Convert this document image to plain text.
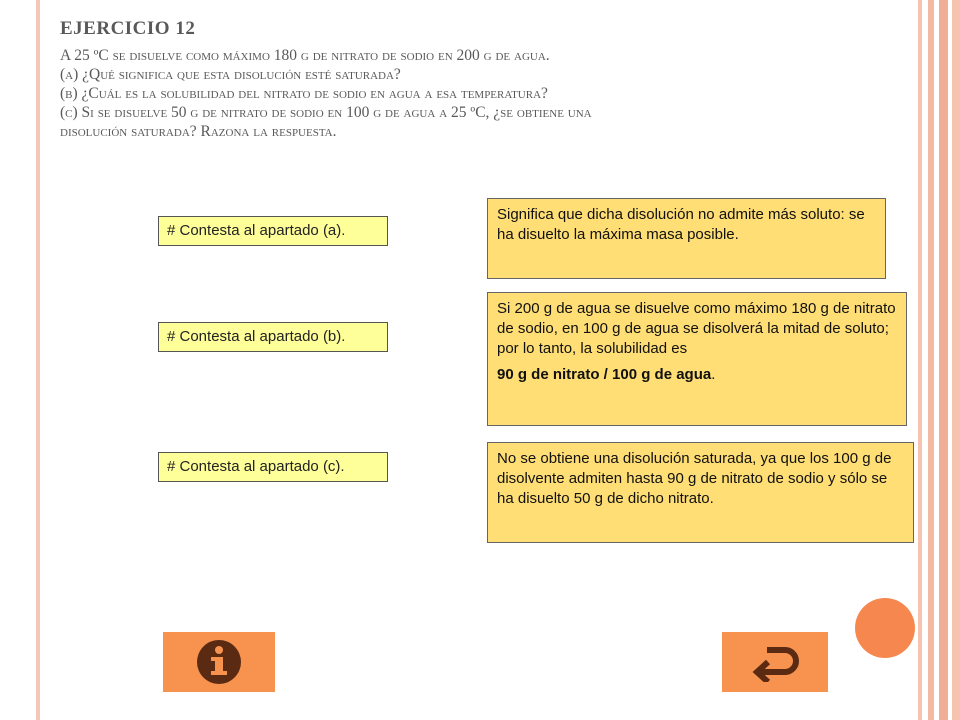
EJERCICIO 12

A 25 ºC se disuelve como máximo 180 g de nitrato de sodio en 200 g de agua.

(a) ¿Qué significa que esta disolución esté saturada?

(b) ¿Cuál es la solubilidad del nitrato de sodio en agua a esa temperatura?

(c) Si se disuelve 50 g de nitrato de sodio en 100 g de agua a 25 ºC, ¿se obtiene una

disolución saturada? Razona la respuesta.

# Contesta al apartado (a).
# Contesta al apartado (b).
# Contesta al apartado (c).

Significa que dicha disolución no admite más soluto: se ha disuelto la máxima masa posible.

Si 200 g de agua se disuelve como máximo 180 g de nitrato de sodio, en 100 g de agua se disolverá la mitad de soluto; por lo tanto, la solubilidad es

90 g de nitrato / 100 g de agua.

No se obtiene una disolución saturada, ya que los 100 g de disolvente admiten hasta 90 g de nitrato de sodio y sólo se ha disuelto 50 g de dicho nitrato.
